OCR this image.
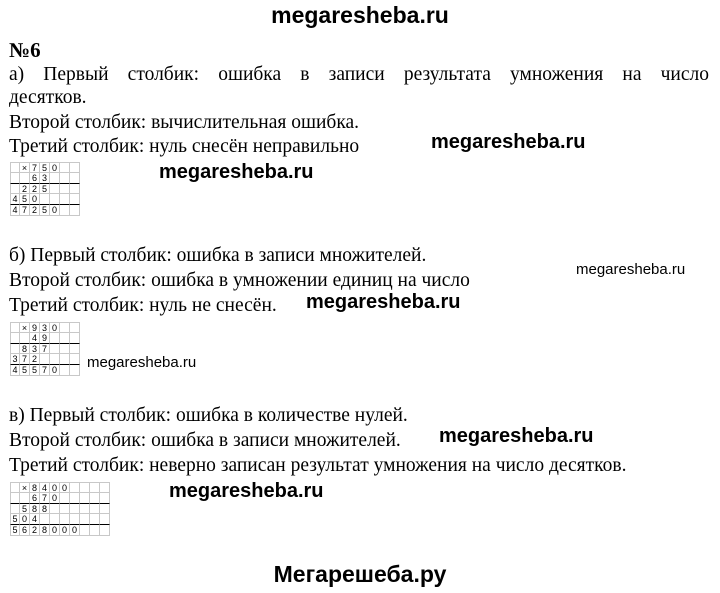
megaresheba.ru
№6
а) Первый столбик: ошибка в записи результата умножения на число
десятков.
Второй столбик: вычислительная ошибка.
Третий столбик: нуль снесён неправильно	megaresheba.ru
megaresheba.ru
× 7 5 0
6 3
2 2 5
4 5 0
4 7 2 5 0
б) Первый столбик: ошибка в записи множителей.
Второй столбик: ошибка в умножении единиц на число
Третий столбик: нуль не снесён.
megaresheba.ru
megaresheba.ru
× 9 3 0
4 9
8 3 7
3 7 2
4 5 5 7 0 megaresheba.ru
в) Первый столбик: ошибка в количестве нулей.
Второй столбик: ошибка в записи множителей.
Третий столбик: неверно записан результат умножения на число десятков.
megaresheba.ru
megaresheba.ru
× 8 4 0 0
6 7 0
5 8 8
5 0 4
5 6 2 8 0 0 0
Мегарешеба.ру
